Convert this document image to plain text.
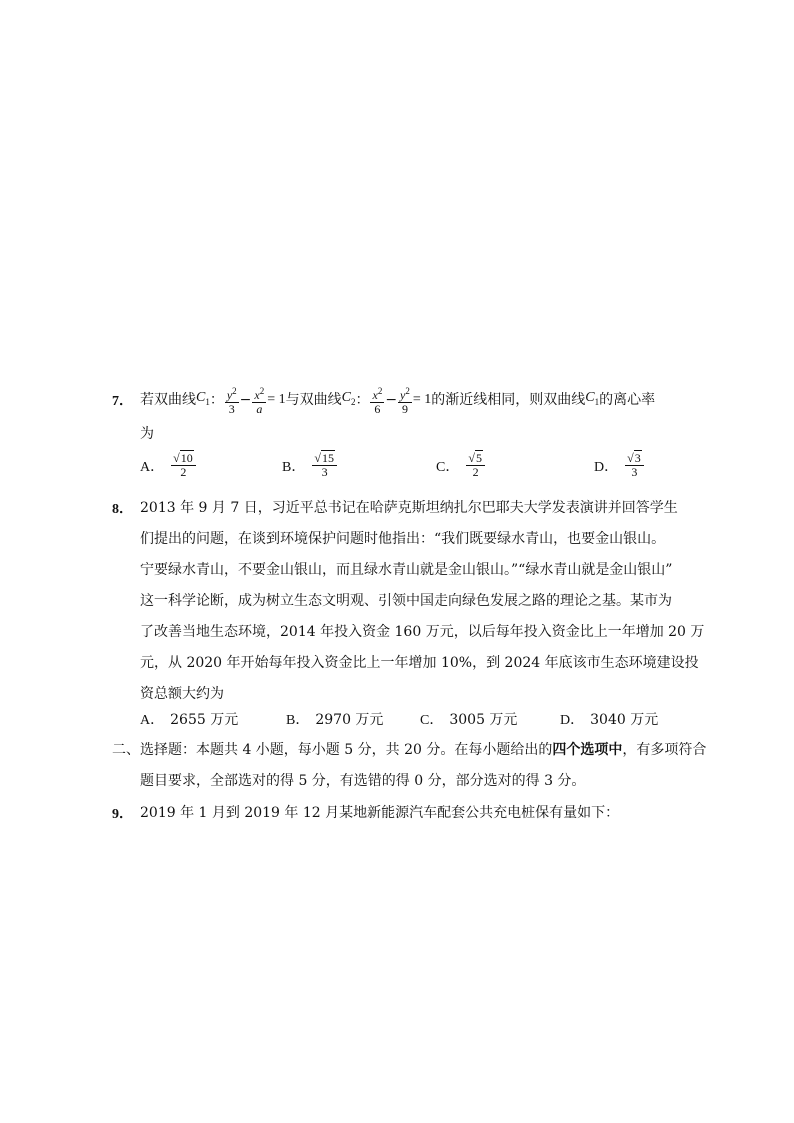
7． 若双曲线 $C_1$ ： $\frac{y^2}{3} - \frac{x^2}{a} = 1$ 与双曲线 $C_2$ ： $\frac{x^2}{6} - \frac{y^2}{9} = 1$ 的渐近线相同，则双曲线 $C_1$ 的离心率
为
A． $\frac{√10}{2}$	B． $\frac{√15}{3}$	C． $\frac{√5}{2}$	D． $\frac{√3}{3}$
8． 2013 年 9 月 7 日，习近平总书记在哈萨克斯坦纳扎尔巴耶夫大学发表演讲并回答学生
们提出的问题，在谈到环境保护问题时他指出：“我们既要绿水青山，也要金山银山。
宁要绿水青山，不要金山银山，而且绿水青山就是金山银山。”“绿水青山就是金山银山”
这一科学论断，成为树立生态文明观、引领中国走向绿色发展之路的理论之基。某市为
了改善当地生态环境，2014 年投入资金 160 万元，以后每年投入资金比上一年增加 20 万
元，从 2020 年开始每年投入资金比上一年增加 10%，到 2024 年底该市生态环境建设投
资总额大约为
A． 2655 万元	B． 2970 万元	C． 3005 万元	D． 3040 万元
二、选择题：本题共 4 小题，每小题 5 分，共 20 分。在每小题给出的四个选项中，有多项符合
题目要求，全部选对的得 5 分，有选错的得 0 分，部分选对的得 3 分。
9． 2019 年 1 月到 2019 年 12 月某地新能源汽车配套公共充电桩保有量如下：
